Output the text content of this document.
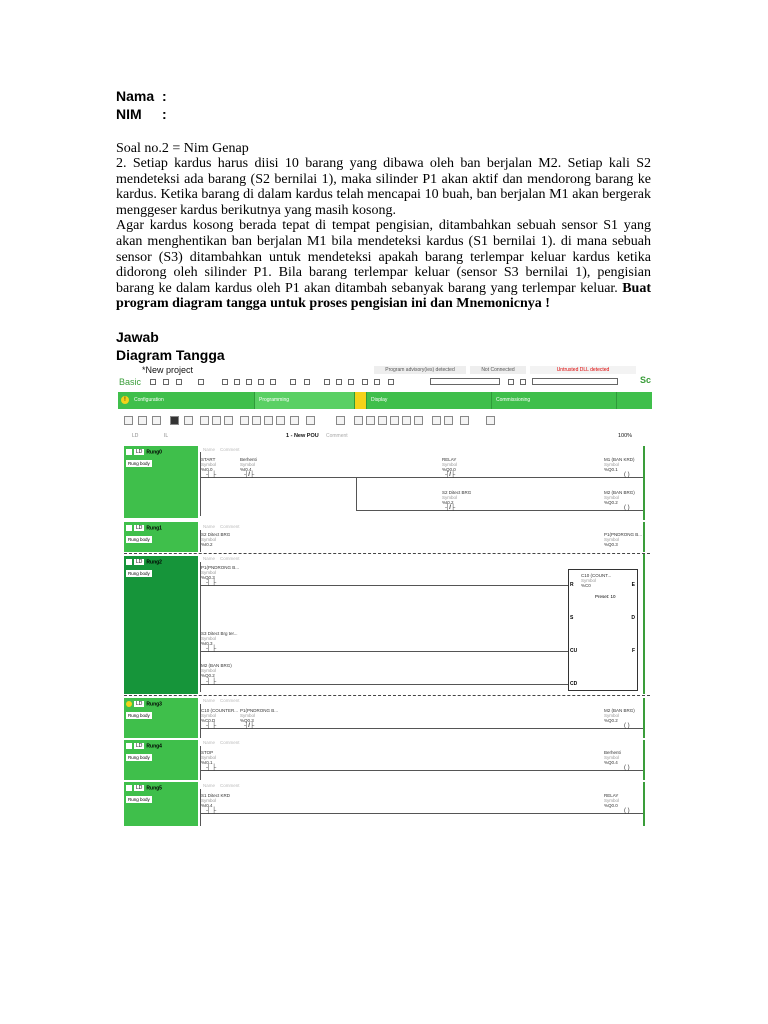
Nama :
NIM :
Soal no.2 = Nim Genap

2. Setiap kardus harus diisi 10 barang yang dibawa oleh ban berjalan M2. Setiap kali S2 mendeteksi ada barang (S2 bernilai 1), maka silinder P1 akan aktif dan mendorong barang ke kardus. Ketika barang di dalam kardus telah mencapai 10 buah, ban berjalan M1 akan bergerak menggeser kardus berikutnya yang masih kosong.

Agar kardus kosong berada tepat di tempat pengisian, ditambahkan sebuah sensor S1 yang akan menghentikan ban berjalan M1 bila mendeteksi kardus (S1 bernilai 1). di mana sebuah sensor (S3) ditambahkan untuk mendeteksi apakah barang terlempar keluar kardus ketika didorong oleh silinder P1. Bila barang terlempar keluar (sensor S3 bernilai 1), pengisian barang ke dalam kardus oleh P1 akan ditambah sebanyak barang yang terlempar keluar. Buat program diagram tangga untuk proses pengisian ini dan Mnemonicnya !

Jawab
Diagram Tangga
*New project	Program advisory(ies) detected	Not Connected	Untrusted DLL detected
Basic	Sc
!	Configuration	Programming	Display	Commissioning
LD	IL	1 - New POU Comment	100%
LD Rung0
Rung body
Name Comment
START
Symbol
%I0.0
┤ ├
Berhenti
Symbol
%I0.4
┤/├
RELAY
Symbol
%Q0.0
┤/├
M1 (BAN KRD)
Symbol
%Q0.1
( )
S2 Ditect BRG
Symbol
%I0.2
┤/├
M2 (BAN BRG)
Symbol
%Q0.2
( )
LD Rung1
Rung body
Name Comment
S2 Ditect BRG
Symbol
%I0.2
P1(PNDRONG B...
Symbol
%Q0.3
LD Rung2
Rung body
Name Comment
P1(PNDRONG B...
Symbol
%Q0.3
┤ ├
S3 Ditect Brg ter...
Symbol
%I0.3
┤ ├
M2 (BAN BRG)
Symbol
%Q0.2
┤ ├
C10 (COUNT...
Symbol
%C0
Preset: 10
R	E
S	D
CU	F
CD
LD Rung3
Rung body
Name Comment
C10 (COUNTER...
Symbol
%C0.D
┤ ├
P1(PNDRONG B...
Symbol
%Q0.3
┤/├
M2 (BAN BRG)
Symbol
%Q0.2
( )
LD Rung4
Rung body
Name Comment
STOP
Symbol
%I0.1
┤ ├
Berhenti
Symbol
%Q0.4
( )
LD Rung5
Rung body
Name Comment
S1 Ditect KRD
Symbol
%I0.4
┤ ├
RELAY
Symbol
%Q0.0
( )
